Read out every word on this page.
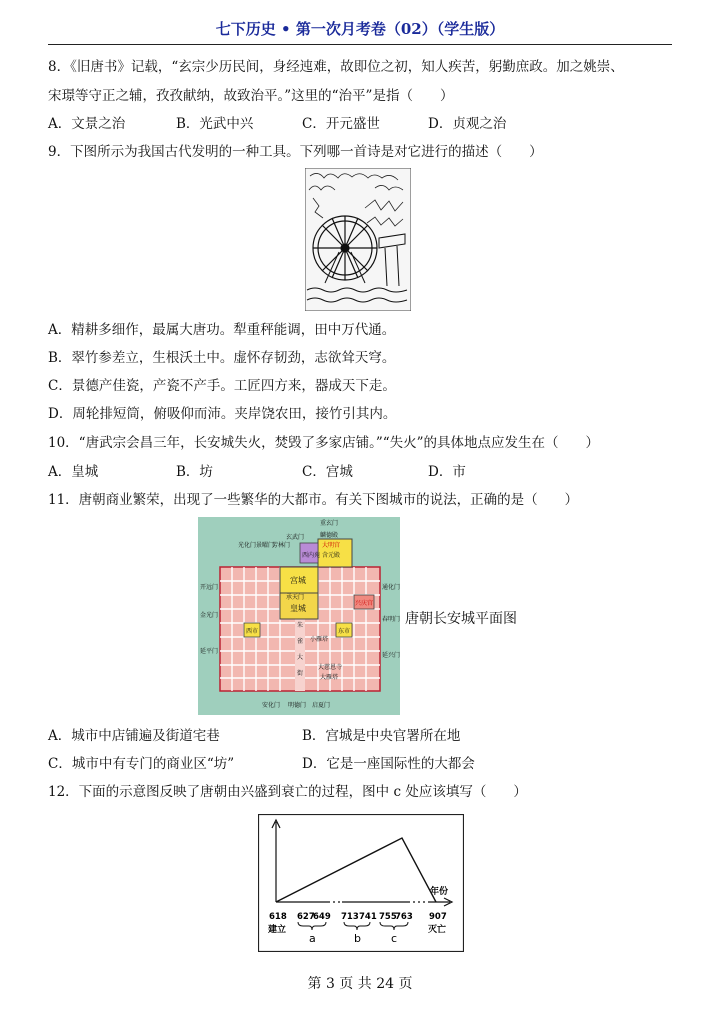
七下历史 • 第一次月考卷（02）（学生版）
8．《旧唐书》记载，“玄宗少历民间，身经迍难，故即位之初，知人疾苦，躬勤庶政。加之姚崇、
宋璟等守正之辅，孜孜献纳，故致治平。”这里的“治平”是指（　　）
A．文景之治	B．光武中兴	C．开元盛世	D．贞观之治
9．下图所示为我国古代发明的一种工具。下列哪一首诗是对它进行的描述（　　）
A．精耕多细作，最属大唐功。犁重秤能调，田中万代通。
B．翠竹参差立，生根沃土中。虚怀存韧劲，志欲耸天穹。
C．景德产佳瓷，产瓷不产手。工匠四方来，器成天下走。
D．周轮排短筒，俯吸仰而沛。夹岸饶农田，接竹引其内。
10．“唐武宗会昌三年，长安城失火，焚毁了多家店铺。”“失火”的具体地点应发生在（　　）
A．皇城	B．坊	C．宫城	D．市
11．唐朝商业繁荣，出现了一些繁华的大都市。有关下图城市的说法，正确的是（　　）
重玄门
麟德殿
大明宫
含元殿
西内苑
宫城
承天门
皇城
兴庆宫
西市	东市
小雁塔
大慈恩寺
大雁塔
朱
雀
大
街
开远门
金光门
延平门
通化门
春明门
延兴门
安化门 明德门 启夏门
光化门 景曜门
芳林门
玄武门
唐朝长安城平面图
A．城市中店铺遍及街道宅巷	B．宫城是中央官署所在地
C．城市中有专门的商业区“坊”	D．它是一座国际性的大都会
12．下面的示意图反映了唐朝由兴盛到衰亡的过程，图中 c 处应该填写（　　）
年份
618 627
649 713 741 755
763 907
建立	灭亡
a	b	c
第 3 页 共 24 页
